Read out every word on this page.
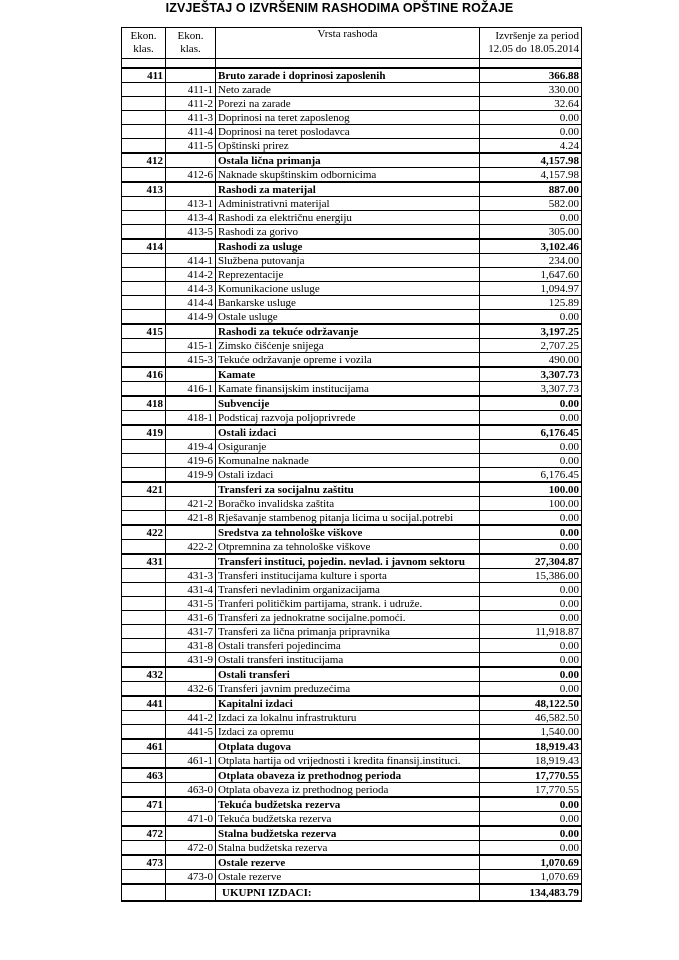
IZVJEŠTAJ O IZVRŠENIM RASHODIMA OPŠTINE ROŽAJE
Ekon. klas.	Ekon. klas.	Vrsta rashoda	Izvršenje za period
12.05 do 18.05.2014

411		Bruto zarade i doprinosi zaposlenih	366.88
	411-1	Neto zarade	330.00
	411-2	Porezi na zarade	32.64
	411-3	Doprinosi na teret zaposlenog	0.00
	411-4	Doprinosi na teret poslodavca	0.00
	411-5	Opštinski prirez	4.24
412		Ostala lična primanja	4,157.98
	412-6	Naknade skupštinskim odbornicima	4,157.98
413		Rashodi za materijal	887.00
	413-1	Administrativni materijal	582.00
	413-4	Rashodi za električnu energiju	0.00
	413-5	Rashodi za gorivo	305.00
414		Rashodi za usluge	3,102.46
	414-1	Službena putovanja	234.00
	414-2	Reprezentacije	1,647.60
	414-3	Komunikacione usluge	1,094.97
	414-4	Bankarske usluge	125.89
	414-9	Ostale usluge	0.00
415		Rashodi za tekuće održavanje	3,197.25
	415-1	Zimsko čišćenje snijega	2,707.25
	415-3	Tekuće održavanje opreme i vozila	490.00
416		Kamate	3,307.73
	416-1	Kamate finansijskim institucijama	3,307.73
418		Subvencije	0.00
	418-1	Podsticaj razvoja poljoprivrede	0.00
419		Ostali izdaci	6,176.45
	419-4	Osiguranje	0.00
	419-6	Komunalne naknade	0.00
	419-9	Ostali izdaci	6,176.45
421		Transferi za socijalnu zaštitu	100.00
	421-2	Boračko invalidska zaštita	100.00
	421-8	Rješavanje stambenog pitanja licima u socijal.potrebi	0.00
422		Sredstva za tehnološke viškove	0.00
	422-2	Otpremnina za tehnološke viškove	0.00
431		Transferi instituci, pojedin. nevlad. i javnom sektoru	27,304.87
	431-3	Transferi institucijama kulture i sporta	15,386.00
	431-4	Transferi nevladinim organizacijama	0.00
	431-5	Tranferi političkim partijama, strank. i udruže.	0.00
	431-6	Transferi za jednokratne socijalne.pomoći.	0.00
	431-7	Transferi za lična primanja pripravnika	11,918.87
	431-8	Ostali transferi pojedincima	0.00
	431-9	Ostali transferi institucijama	0.00
432		Ostali transferi	0.00
	432-6	Transferi javnim preduzećima	0.00
441		Kapitalni izdaci	48,122.50
	441-2	Izdaci za lokalnu infrastrukturu	46,582.50
	441-5	Izdaci za opremu	1,540.00
461		Otplata dugova	18,919.43
	461-1	Otplata hartija od vrijednosti i kredita finansij.instituci.	18,919.43
463		Otplata obaveza iz prethodnog perioda	17,770.55
	463-0	Otplata obaveza iz prethodnog perioda	17,770.55
471		Tekuća budžetska rezerva	0.00
	471-0	Tekuća budžetska rezerva	0.00
472		Stalna budžetska rezerva	0.00
	472-0	Stalna budžetska rezerva	0.00
473		Ostale rezerve	1,070.69
	473-0	Ostale rezerve	1,070.69
		UKUPNI IZDACI:	134,483.79
